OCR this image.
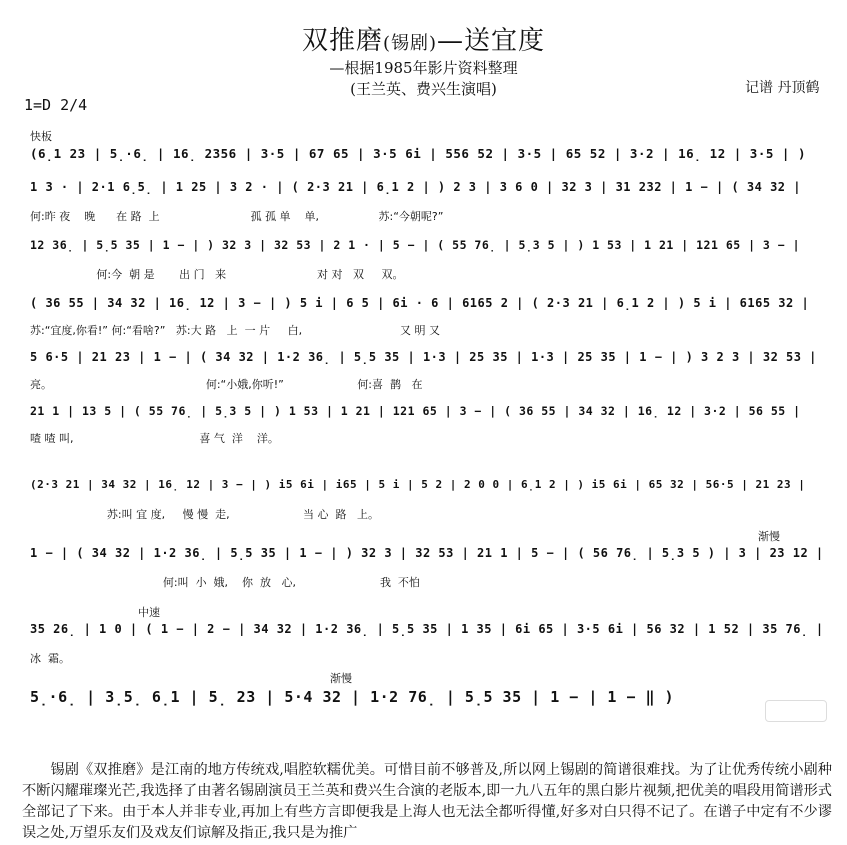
双推磨(锡剧)—送宜度
—根据1985年影片资料整理
(王兰英、费兴生演唱)	记谱 丹顶鹤
1=D 2/4
快板
(6̣1 23 | 5̣·6̣ | 16̣ 2356 | 3·5 | 67 65 | 3·5 6i | 556 52 | 3·5 | 65 52 | 3·2 | 16̣ 12 | 3·5 | )
1 3 · | 2·1 6̣5̣ | 1 25 | 3 2 · | ( 2·3 21 | 6̣1 2 | ) 2 3 | 3 6 0 | 32 3 | 31 232 | 1 − | ( 34 32 |
何:昨 夜    晚      在 路  上                          孤 孤 单    单,                 苏:“今朝呢?”
12 36̣ | 5̣5 35 | 1 − | ) 32 3 | 32 53 | 2 1 · | 5 − | ( 55 76̣ | 5̣3 5 | ) 1 53 | 1 21 | 121 65 | 3 − |
何:今  朝 是       出 门   来                          对 对   双     双。
( 36 55 | 34 32 | 16̣ 12 | 3 − | ) 5 i | 6 5 | 6i · 6 | 6165 2 | ( 2·3 21 | 6̣1 2 | ) 5 i | 6165 32 |
苏:“宜度,你看!” 何:“看啥?”   苏:大 路   上  一 片     白,                            又 明 又
5 6·5 | 21 23 | 1 − | ( 34 32 | 1·2 36̣ | 5̣5 35 | 1·3 | 25 35 | 1·3 | 25 35 | 1 − | ) 3 2 3 | 32 53 |
亮。                                            何:“小娥,你听!”                     何:喜  鹊   在
21 1 | 13 5 | ( 55 76̣ | 5̣3 5 | ) 1 53 | 1 21 | 121 65 | 3 − | ( 36 55 | 34 32 | 16̣ 12 | 3·2 | 56 55 |
喳 喳 叫,                                    喜 气  洋    洋。
(2·3 21 | 34 32 | 16̣ 12 | 3 − | ) i5 6i | i65 | 5 i | 5 2 | 2 0 0 | 6̣1 2 | ) i5 6i | 65 32 | 56·5 | 21 23 |
苏:叫 宜 度,     慢 慢  走,                     当 心  路   上。
渐慢
1 − | ( 34 32 | 1·2 36̣ | 5̣5 35 | 1 − | ) 32 3 | 32 53 | 21 1 | 5 − | ( 56 76̣ | 5̣3 5 ) | 3 | 23 12 |
何:叫  小  娥,    你  放   心,                        我  不怕
中速
35 26̣ | 1 0 | ( 1 − | 2 − | 34 32 | 1·2 36̣ | 5̣5 35 | 1 35 | 6i 65 | 3·5 6i | 56 32 | 1 52 | 35 76̣ |
冰  霜。
渐慢
5̣·6̣ | 3̣5̣ 6̣1 | 5̣ 23 | 5·4 32 | 1·2 76̣ | 5̣5 35 | 1 − | 1 − ‖ )
锡剧《双推磨》是江南的地方传统戏,唱腔软糯优美。可惜目前不够普及,所以网上锡剧的简谱很难找。为了让优秀传统小剧种不断闪耀璀璨光芒,我选择了由著名锡剧演员王兰英和费兴生合演的老版本,即一九八五年的黑白影片视频,把优美的唱段用简谱形式全部记了下来。由于本人并非专业,再加上有些方言即便我是上海人也无法全都听得懂,好多对白只得不记了。在谱子中定有不少谬误之处,万望乐友们及戏友们谅解及指正,我只是为推广
